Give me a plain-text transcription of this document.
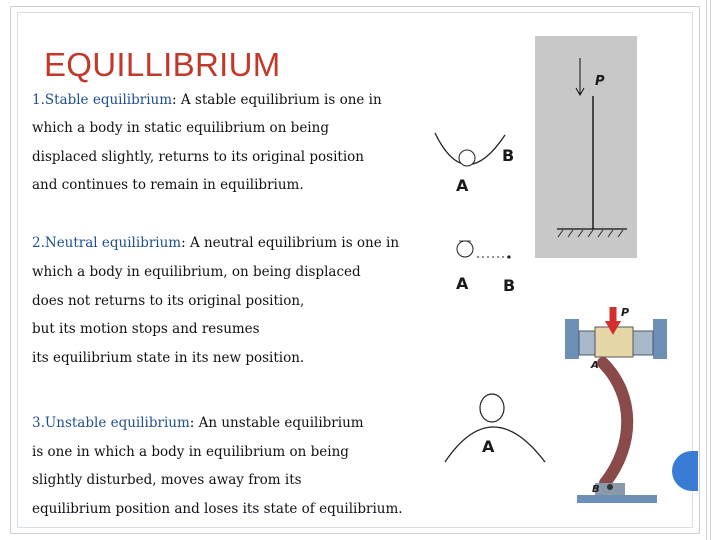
EQUILLIBRIUM

1.Stable equilibrium: A stable equilibrium is one in

which a body in static equilibrium on being

displaced slightly, returns to its original position

and continues to remain in equilibrium.

2.Neutral equilibrium: A neutral equilibrium is one in

which a body in equilibrium, on being displaced

does not returns to its original position,

but its motion stops and resumes

its equilibrium state in its new position.

3.Unstable equilibrium: An unstable equilibrium

is one in which a body in equilibrium on being

slightly disturbed, moves away from its

equilibrium position and loses its state of equilibrium.

A
B
A B
A
P
P
A
B
